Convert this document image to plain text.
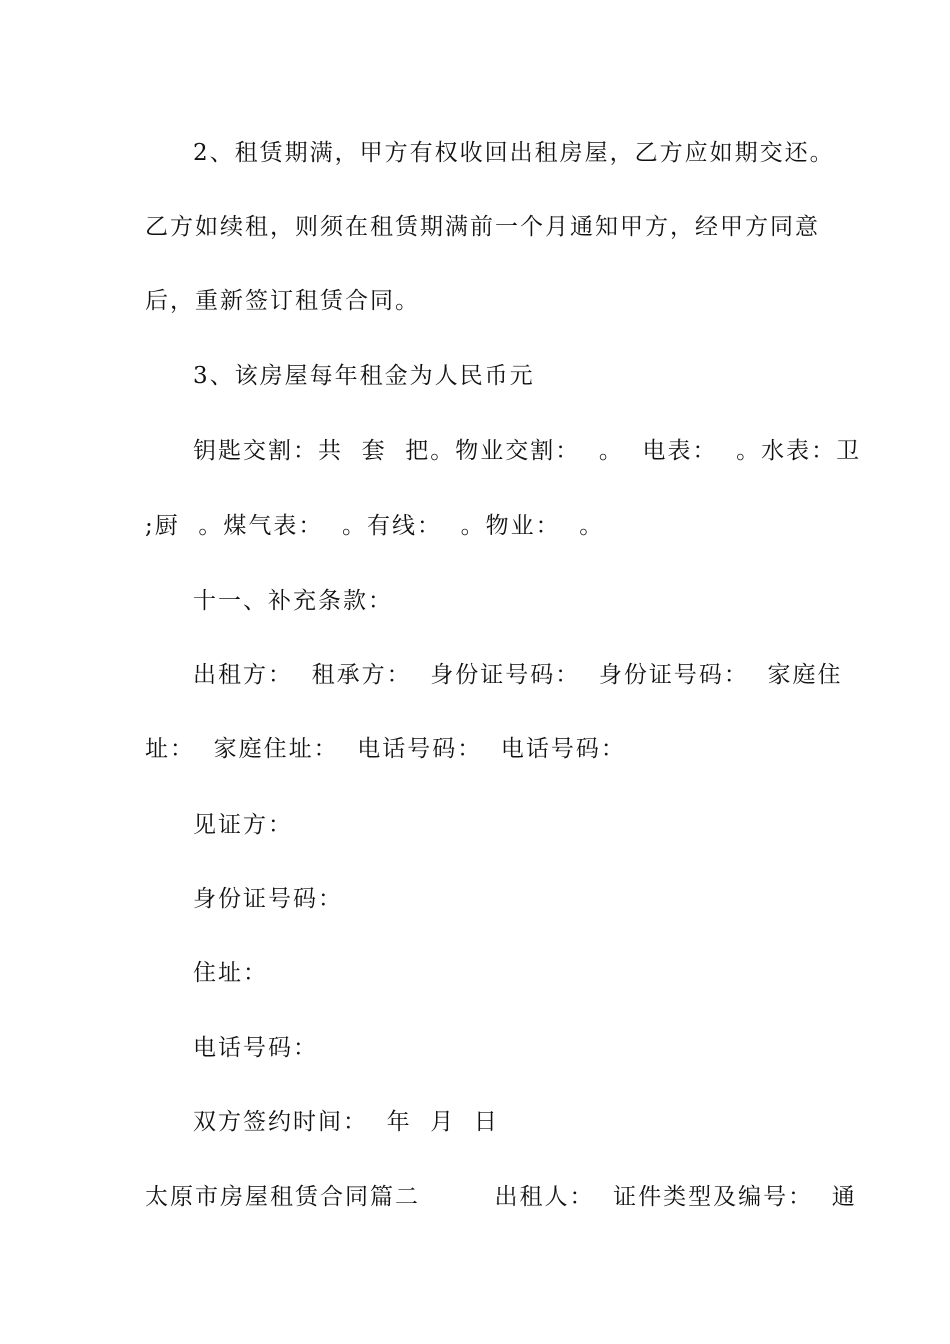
2、租赁期满，甲方有权收回出租房屋，乙方应如期交还。
乙方如续租，则须在租赁期满前一个月通知甲方，经甲方同意
后，重新签订租赁合同。
3、该房屋每年租金为人民币元
钥匙交割：共  套  把。物业交割：  。  电表：  。水表：卫
;厨  。煤气表：  。有线：  。物业：  。
十一、补充条款：
出租方：  租承方：  身份证号码：  身份证号码：  家庭住
址：  家庭住址：  电话号码：  电话号码：
见证方：
身份证号码：
住址：
电话号码：
双方签约时间：  年  月  日
太原市房屋租赁合同篇二        出租人：  证件类型及编号：  通
